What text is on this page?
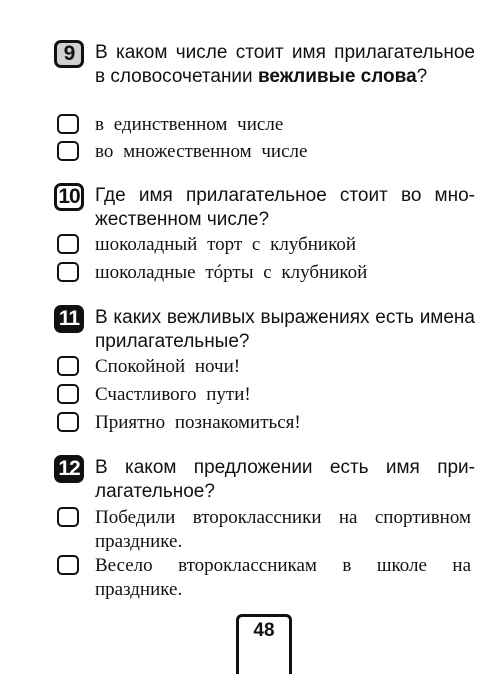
9	В каком числе стоит имя прилагательное в словосочетании вежливые слова?
в единственном числе
во множественном числе
10 Где имя прилагательное стоит во множественном числе?
шоколадный торт с клубникой
шоколадные тóрты с клубникой
11 В каких вежливых выражениях есть имена прилагательные?
Спокойной ночи!
Счастливого пути!
Приятно познакомиться!
12 В каком предложении есть имя прилагательное?
Победили второклассники на спортивном празднике.
Весело второклассникам в школе на празднике.
48
